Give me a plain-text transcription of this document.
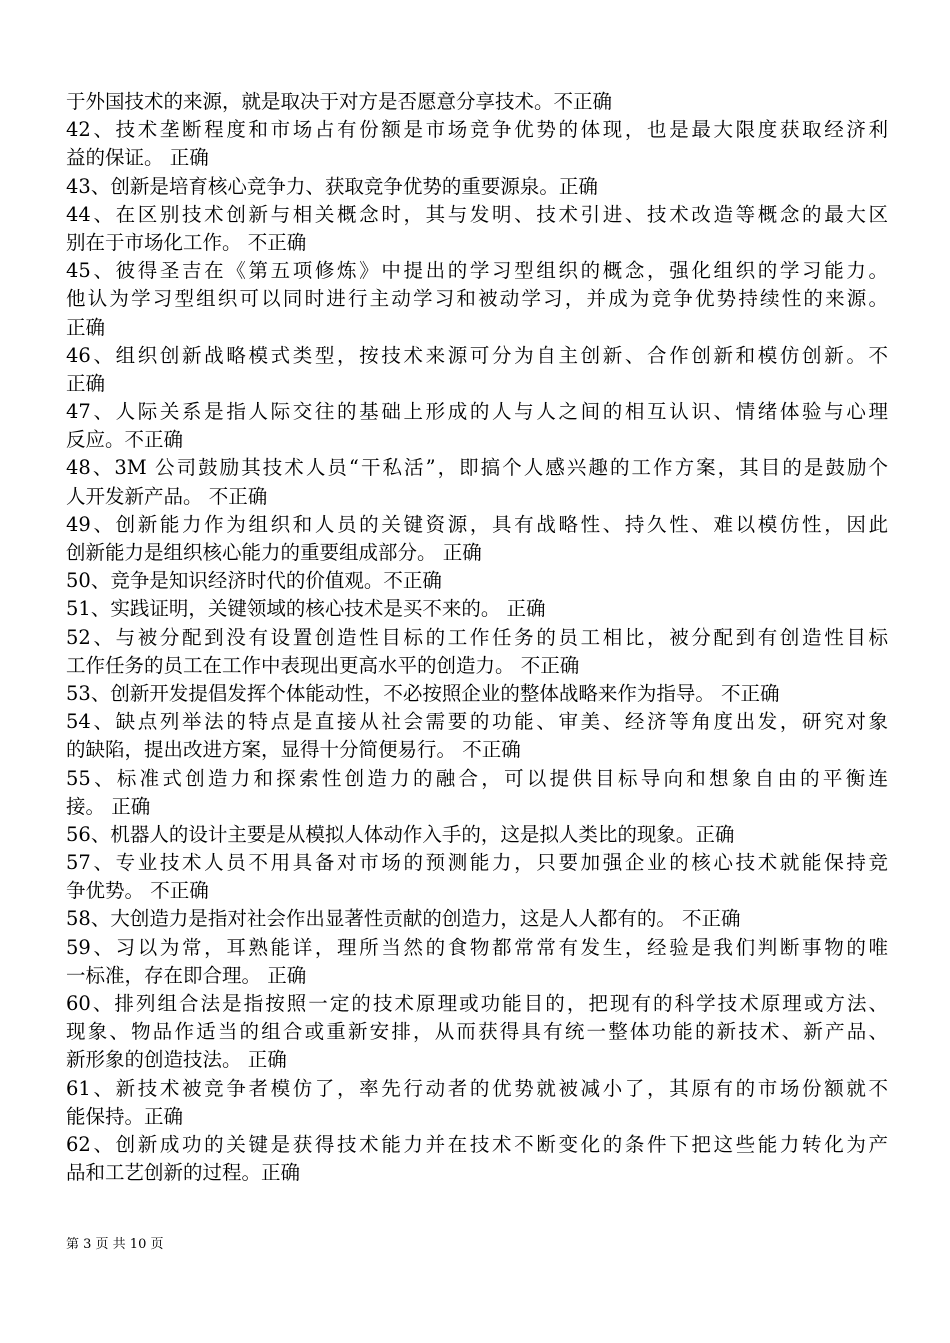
于外国技术的来源，就是取决于对方是否愿意分享技术。不正确
42、技术垄断程度和市场占有份额是市场竞争优势的体现，也是最大限度获取经济利
益的保证。 正确
43、创新是培育核心竞争力、获取竞争优势的重要源泉。正确
44、在区别技术创新与相关概念时，其与发明、技术引进、技术改造等概念的最大区
别在于市场化工作。 不正确
45、彼得圣吉在《第五项修炼》中提出的学习型组织的概念，强化组织的学习能力。
他认为学习型组织可以同时进行主动学习和被动学习，并成为竞争优势持续性的来源。
正确
46、组织创新战略模式类型，按技术来源可分为自主创新、合作创新和模仿创新。不
正确
47、人际关系是指人际交往的基础上形成的人与人之间的相互认识、情绪体验与心理
反应。不正确
48、3M 公司鼓励其技术人员“干私活”，即搞个人感兴趣的工作方案，其目的是鼓励个
人开发新产品。 不正确
49、创新能力作为组织和人员的关键资源，具有战略性、持久性、难以模仿性，因此
创新能力是组织核心能力的重要组成部分。 正确
50、竞争是知识经济时代的价值观。不正确
51、实践证明，关键领域的核心技术是买不来的。 正确
52、与被分配到没有设置创造性目标的工作任务的员工相比，被分配到有创造性目标
工作任务的员工在工作中表现出更高水平的创造力。 不正确
53、创新开发提倡发挥个体能动性，不必按照企业的整体战略来作为指导。 不正确
54、缺点列举法的特点是直接从社会需要的功能、审美、经济等角度出发，研究对象
的缺陷，提出改进方案，显得十分简便易行。 不正确
55、标准式创造力和探索性创造力的融合，可以提供目标导向和想象自由的平衡连
接。 正确
56、机器人的设计主要是从模拟人体动作入手的，这是拟人类比的现象。正确
57、专业技术人员不用具备对市场的预测能力，只要加强企业的核心技术就能保持竞
争优势。 不正确
58、大创造力是指对社会作出显著性贡献的创造力，这是人人都有的。 不正确
59、习以为常，耳熟能详，理所当然的食物都常常有发生，经验是我们判断事物的唯
一标准，存在即合理。 正确
60、排列组合法是指按照一定的技术原理或功能目的，把现有的科学技术原理或方法、
现象、物品作适当的组合或重新安排，从而获得具有统一整体功能的新技术、新产品、
新形象的创造技法。 正确
61、新技术被竞争者模仿了，率先行动者的优势就被减小了，其原有的市场份额就不
能保持。正确
62、创新成功的关键是获得技术能力并在技术不断变化的条件下把这些能力转化为产
品和工艺创新的过程。正确
第 3 页 共 10 页
